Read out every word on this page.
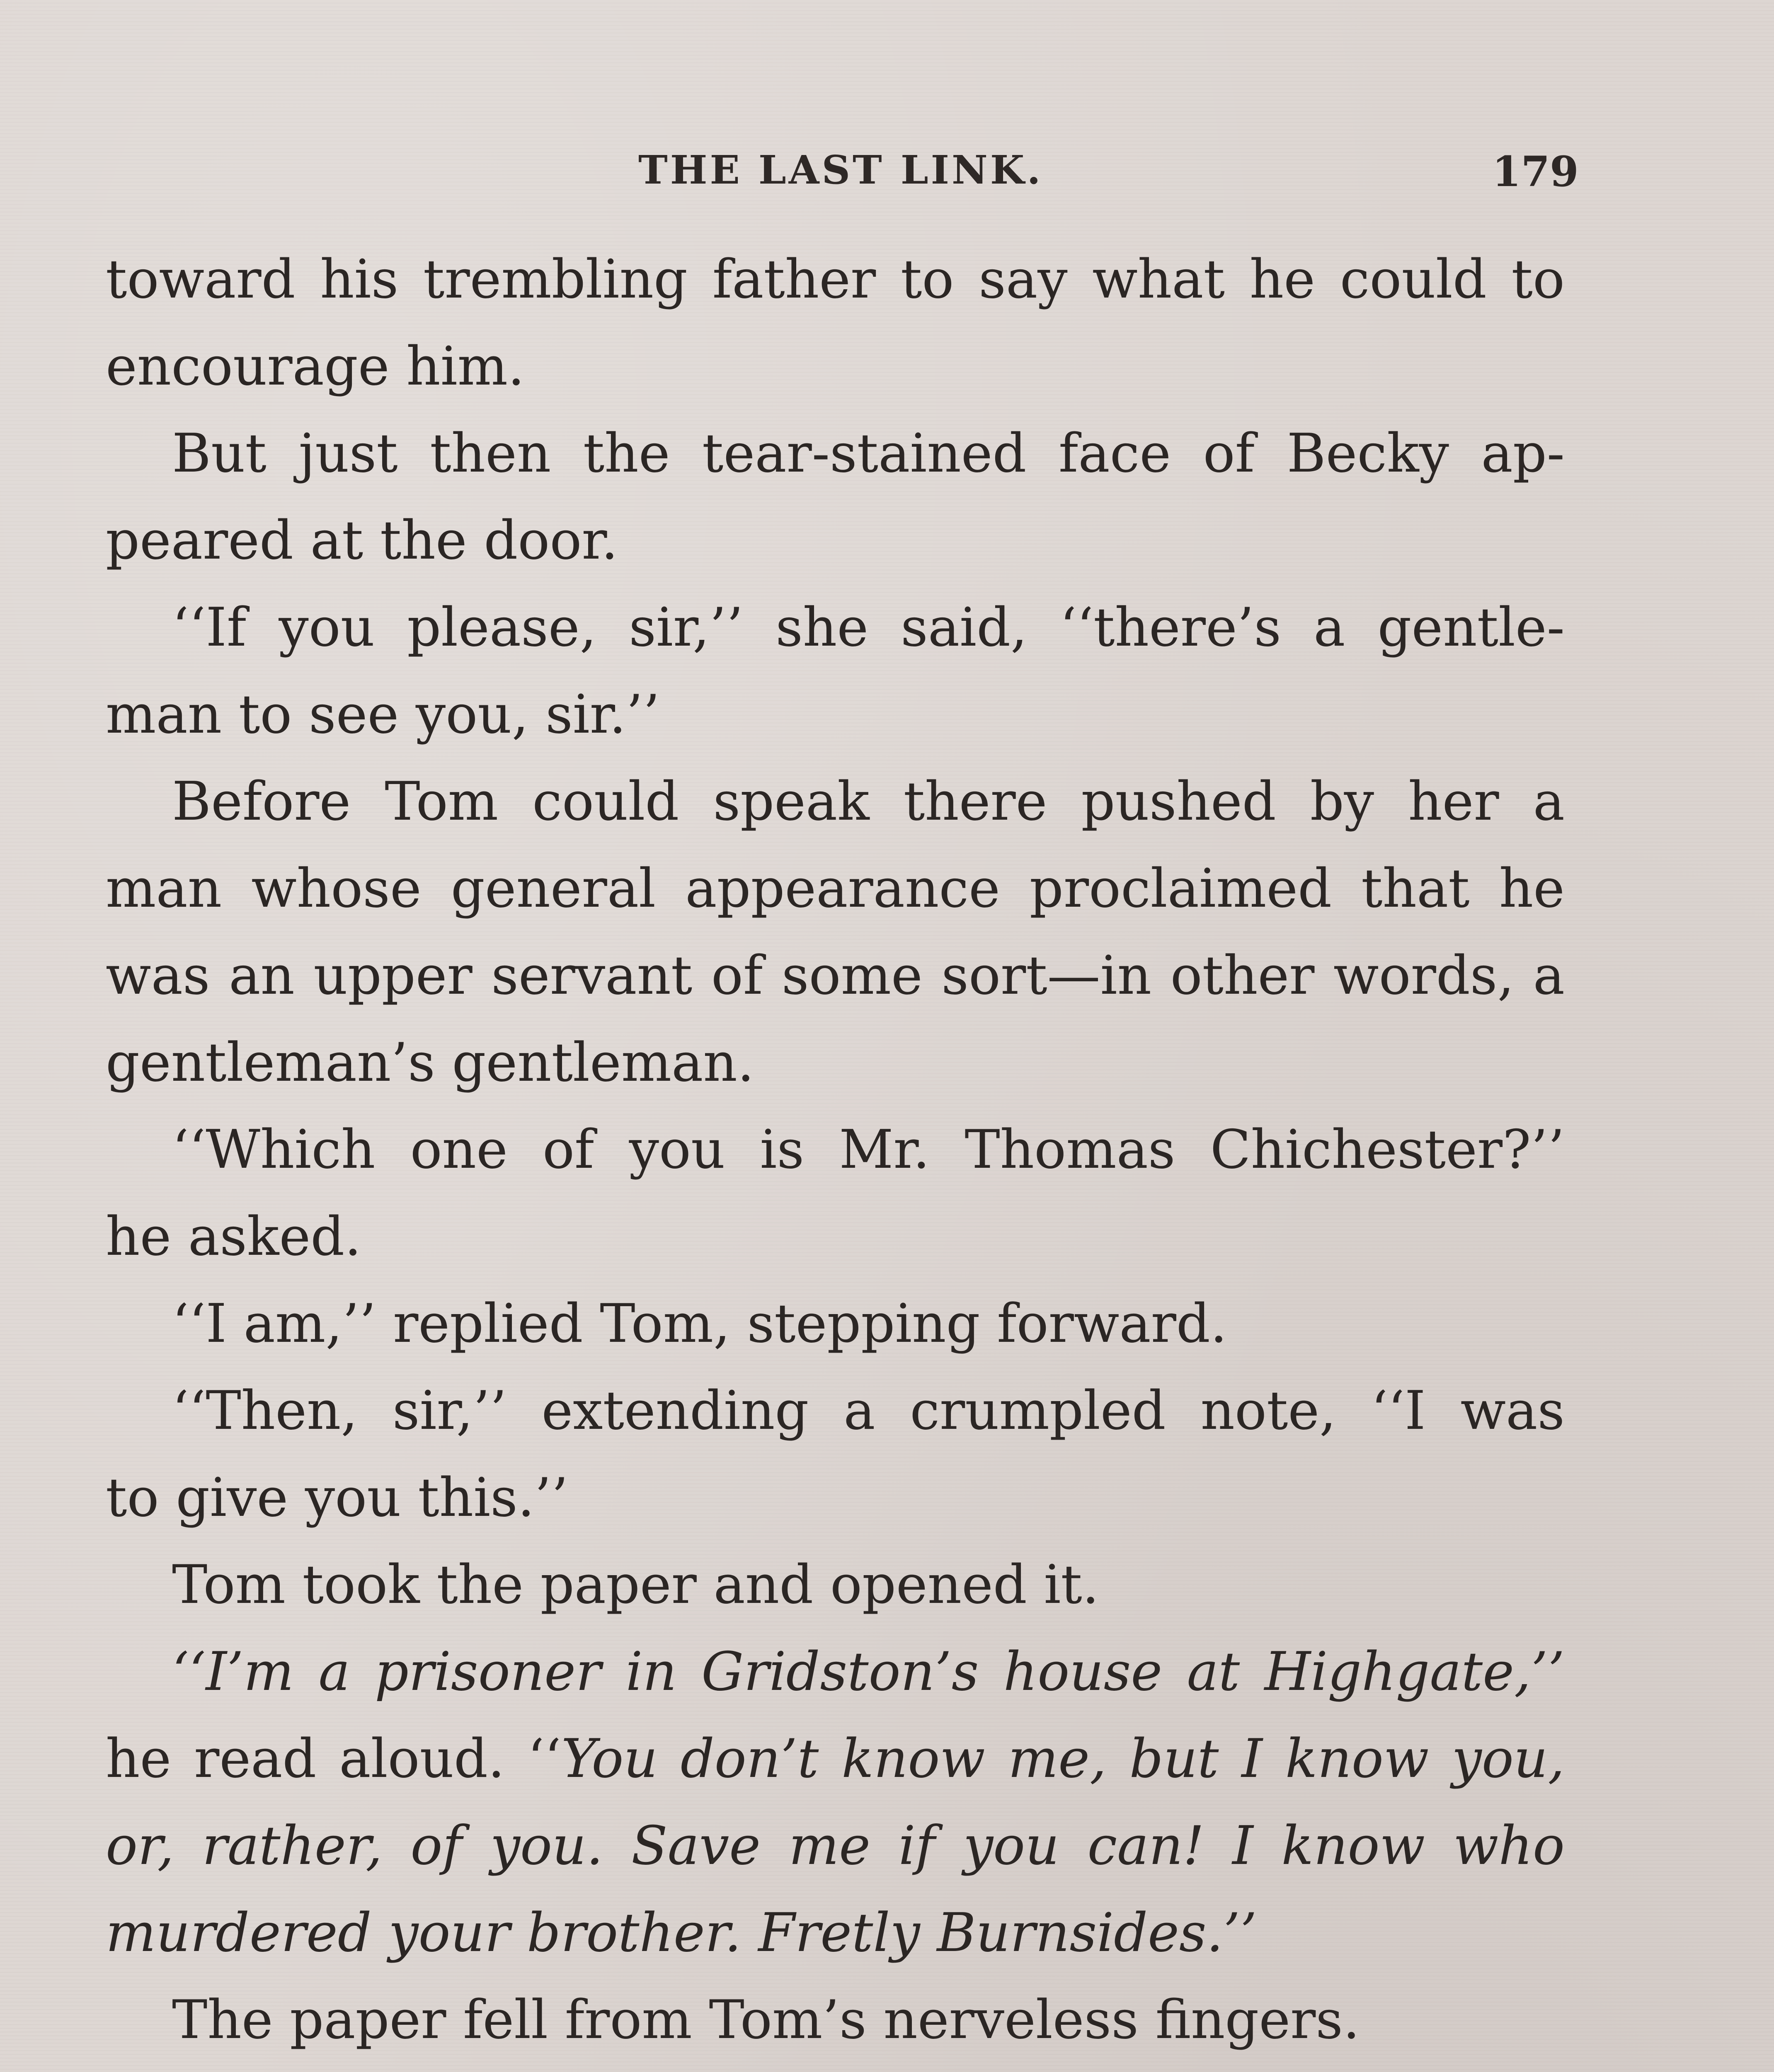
THE LAST LINK.	179
toward his trembling father to say what he could to
encourage him.
But just then the tear-stained face of Becky ap-
peared at the door.
‘‘If you please, sir,’’ she said, ‘‘there’s a gentle-
man to see you, sir.’’
Before Tom could speak there pushed by her a
man whose general appearance proclaimed that he
was an upper servant of some sort—in other words, a
gentleman’s gentleman.
‘‘Which one of you is Mr. Thomas Chichester?’’
he asked.
‘‘I am,’’ replied Tom, stepping forward.
‘‘Then, sir,’’ extending a crumpled note, ‘‘I was
to give you this.’’
Tom took the paper and opened it.
‘‘I’m a prisoner in Gridston’s house at Highgate,’’
he read aloud. ‘‘You don’t know me, but I know you,
or, rather, of you. Save me if you can! I know who
murdered your brother. Fretly Burnsides.’’
The paper fell from Tom’s nerveless fingers.
